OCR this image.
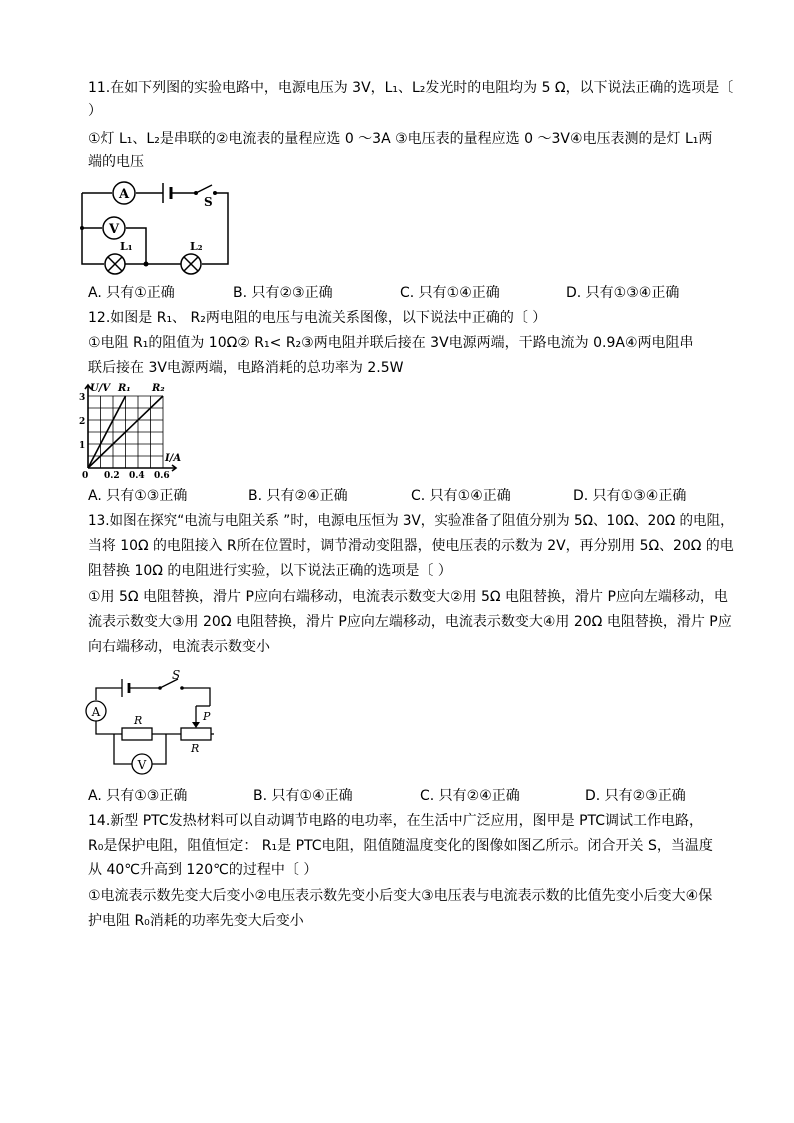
11.在如下列图的实验电路中，电源电压为 3V，L₁、L₂发光时的电阻均为 5 Ω，以下说法正确的选项是〔
）
①灯 L₁、L₂是串联的②电流表的量程应选 0 ～3A ③电压表的量程应选 0 ～3V④电压表测的是灯 L₁两
端的电压
A
V
S
L₁	L₂
A. 只有①正确	B. 只有②③正确	C. 只有①④正确	D. 只有①③④正确
12.如图是 R₁、 R₂两电阻的电压与电流关系图像，以下说法中正确的〔 ）
①电阻 R₁的阻值为 10Ω② R₁< R₂③两电阻并联后接在 3V电源两端，干路电流为 0.9A④两电阻串
联后接在 3V电源两端，电路消耗的总功率为 2.5W
U/V R₁ R₂
3
2
1
0 0.2 0.4 0.6
I/A
A. 只有①③正确	B. 只有②④正确	C. 只有①④正确	D. 只有①③④正确
13.如图在探究“电流与电阻关系 ”时，电源电压恒为 3V，实验准备了阻值分别为 5Ω、10Ω、20Ω 的电阻，
当将 10Ω 的电阻接入 R所在位置时，调节滑动变阻器，使电压表的示数为 2V，再分别用 5Ω、20Ω 的电
阻替换 10Ω 的电阻进行实验，以下说法正确的选项是〔 ）
①用 5Ω 电阻替换，滑片 P应向右端移动，电流表示数变大②用 5Ω 电阻替换，滑片 P应向左端移动，电
流表示数变大③用 20Ω 电阻替换，滑片 P应向左端移动，电流表示数变大④用 20Ω 电阻替换，滑片 P应
向右端移动，电流表示数变小
S
A
R	P
R
V
A. 只有①③正确	B. 只有①④正确	C. 只有②④正确	D. 只有②③正确
14.新型 PTC发热材料可以自动调节电路的电功率，在生活中广泛应用，图甲是 PTC调试工作电路，
R₀是保护电阻，阻值恒定： R₁是 PTC电阻，阻值随温度变化的图像如图乙所示。闭合开关 S，当温度
从 40℃升高到 120℃的过程中〔 ）
①电流表示数先变大后变小②电压表示数先变小后变大③电压表与电流表示数的比值先变小后变大④保
护电阻 R₀消耗的功率先变大后变小
